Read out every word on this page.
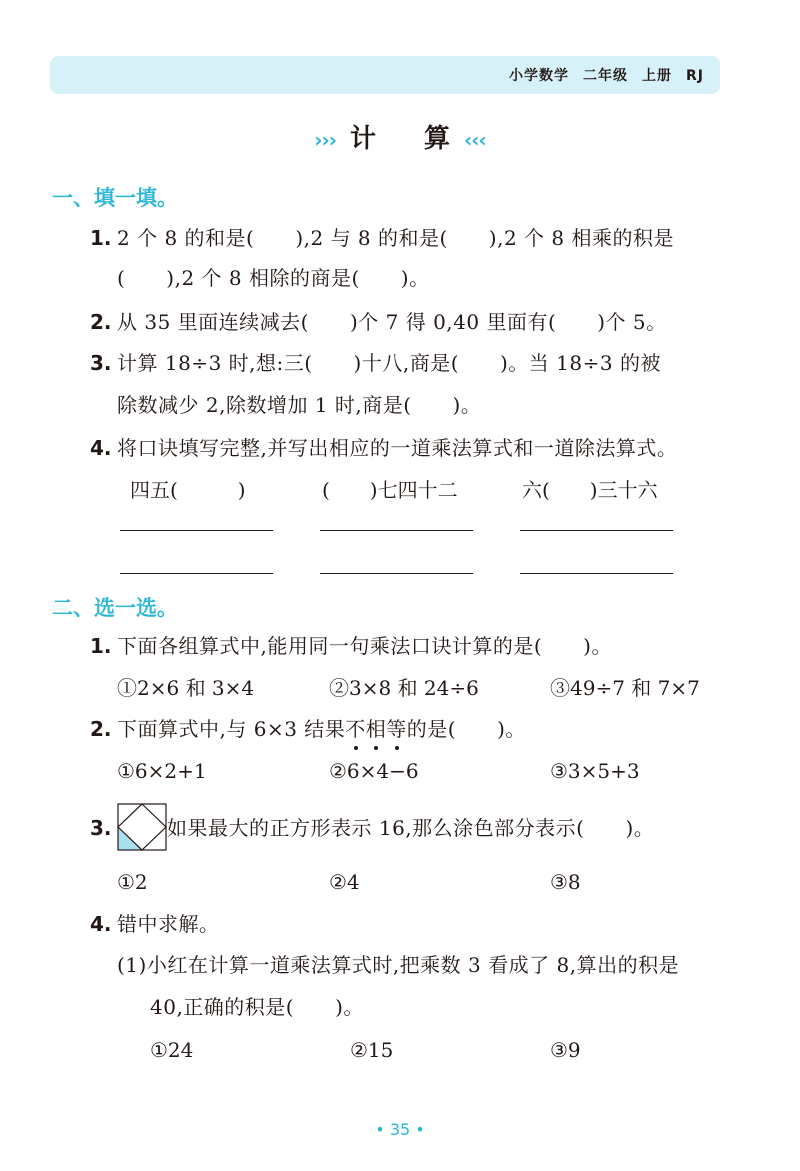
小学数学 二年级 上册 RJ
››› 计算 ‹‹‹
一、填一填。
1. 2 个 8 的和是(　　),2 与 8 的和是(　　),2 个 8 相乘的积是
(　　),2 个 8 相除的商是(　　)。
2. 从 35 里面连续减去(　　)个 7 得 0,40 里面有(　　)个 5。
3. 计算 18÷3 时,想:三(　　)十八,商是(　　)。当 18÷3 的被
除数减少 2,除数增加 1 时,商是(　　)。
4. 将口诀填写完整,并写出相应的一道乘法算式和一道除法算式。
四五(　　　)	(　　)七四十二	六(　　)三十六
二、选一选。
1. 下面各组算式中,能用同一句乘法口诀计算的是(　　)。
①2×6 和 3×4	②3×8 和 24÷6	③49÷7 和 7×7
2. 下面算式中,与 6×3 结果不相等的是(　　)。
①6×2+1	②6×4−6	③3×5+3
3.	如果最大的正方形表示 16,那么涂色部分表示(　　)。
①2	②4	③8
4. 错中求解。
(1)小红在计算一道乘法算式时,把乘数 3 看成了 8,算出的积是
40,正确的积是(　　)。
①24	②15	③9
• 35 •
